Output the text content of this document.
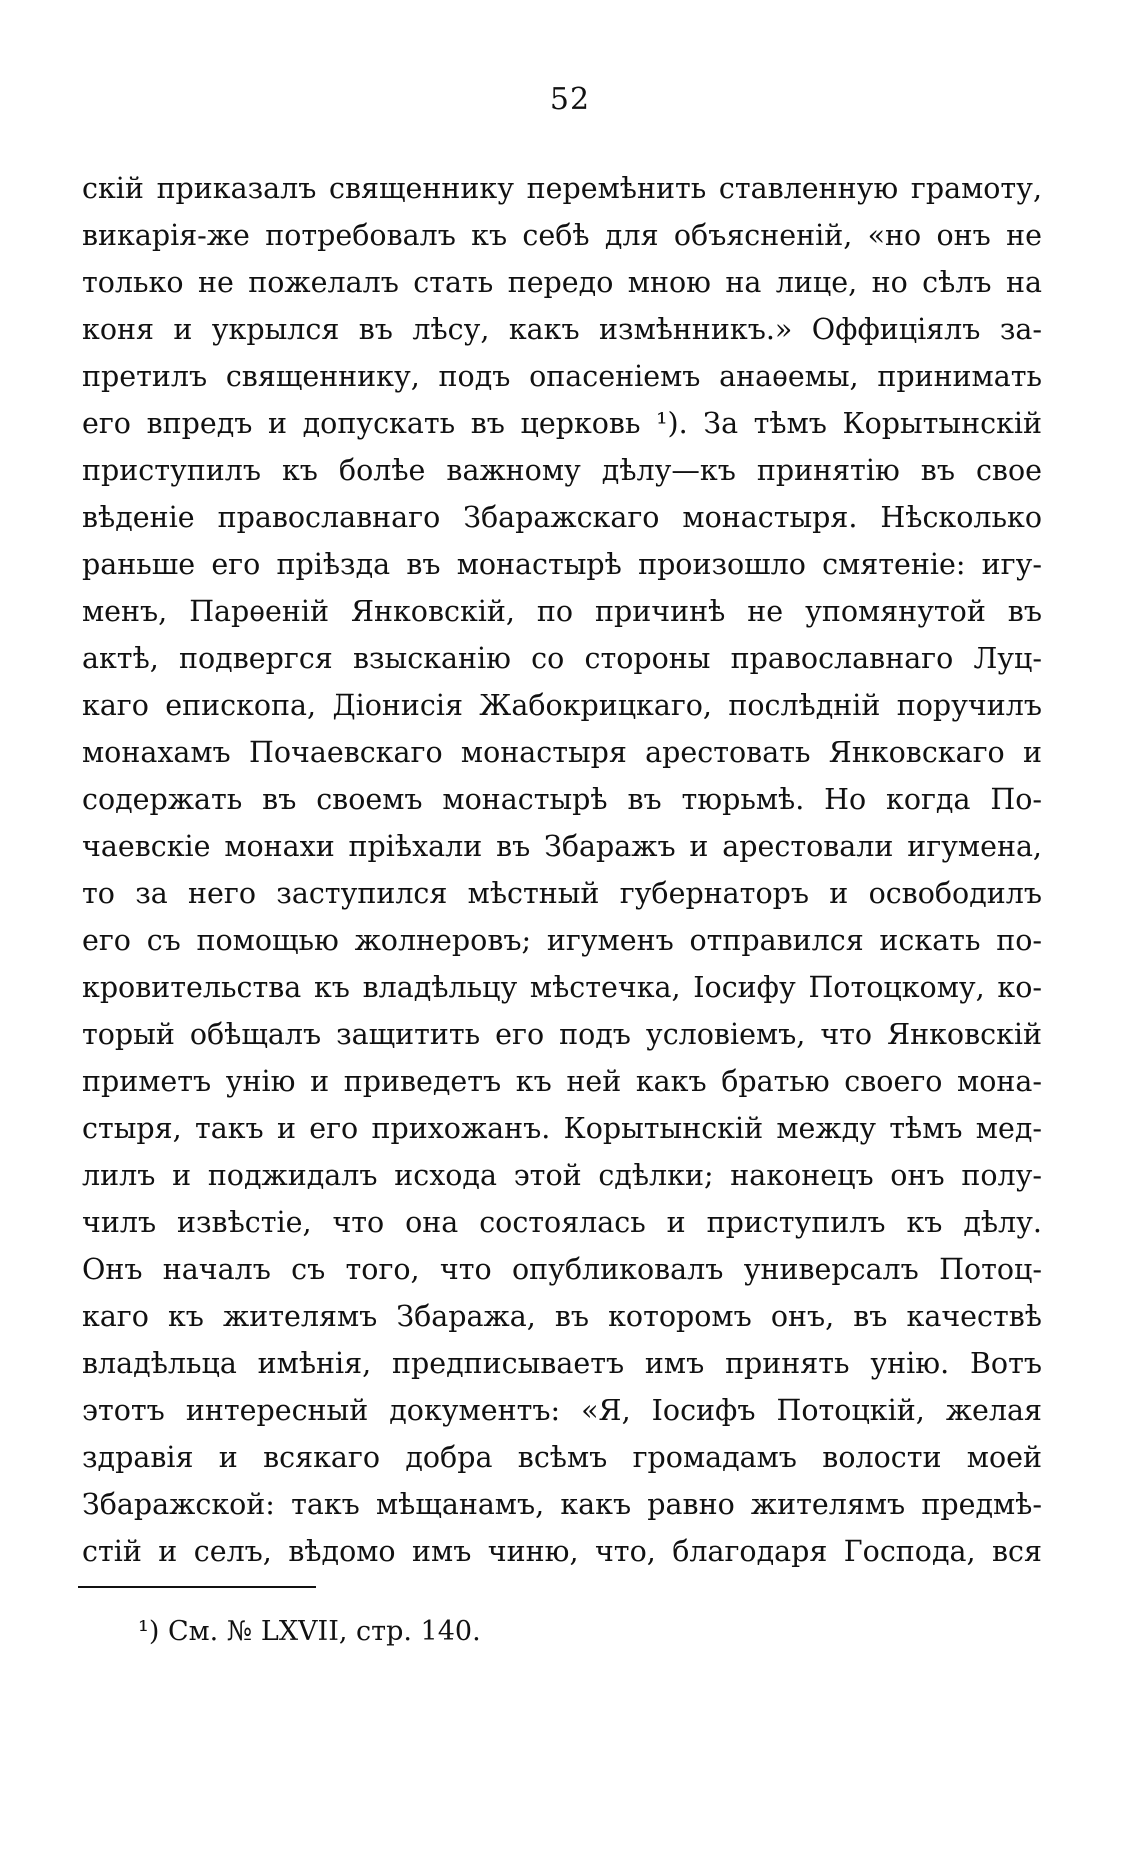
52
скій приказалъ священнику перемѣнить ставленную грамоту,
викарія-же потребовалъ къ себѣ для объясненій, «но онъ не
только не пожелалъ стать передо мною на лице, но сѣлъ на
коня и укрылся въ лѣсу, какъ измѣнникъ.» Оффиціялъ за-
претилъ священнику, подъ опасеніемъ анаѳемы, принимать
его впредъ и допускать въ церковь ¹). За тѣмъ Корытынскій
приступилъ къ болѣе важному дѣлу—къ принятію въ свое
вѣденіе православнаго Збаражскаго монастыря. Нѣсколько
раньше его пріѣзда въ монастырѣ произошло смятеніе: игу-
менъ, Парѳеній Янковскій, по причинѣ не упомянутой въ
актѣ, подвергся взысканію со стороны православнаго Луц-
каго епископа, Діонисія Жабокрицкаго, послѣдній поручилъ
монахамъ Почаевскаго монастыря арестовать Янковскаго и
содержать въ своемъ монастырѣ въ тюрьмѣ. Но когда По-
чаевскіе монахи пріѣхали въ Збаражъ и арестовали игумена,
то за него заступился мѣстный губернаторъ и освободилъ
его съ помощью жолнеровъ; игуменъ отправился искать по-
кровительства къ владѣльцу мѣстечка, Іосифу Потоцкому, ко-
торый обѣщалъ защитить его подъ условіемъ, что Янковскій
приметъ унію и приведетъ къ ней какъ братью своего мона-
стыря, такъ и его прихожанъ. Корытынскій между тѣмъ мед-
лилъ и поджидалъ исхода этой сдѣлки; наконецъ онъ полу-
чилъ извѣстіе, что она состоялась и приступилъ къ дѣлу.
Онъ началъ съ того, что опубликовалъ универсалъ Потоц-
каго къ жителямъ Збаража, въ которомъ онъ, въ качествѣ
владѣльца имѣнія, предписываетъ имъ принять унію. Вотъ
этотъ интересный документъ: «Я, Іосифъ Потоцкій, желая
здравія и всякаго добра всѣмъ громадамъ волости моей
Збаражской: такъ мѣщанамъ, какъ равно жителямъ предмѣ-
стій и селъ, вѣдомо имъ чиню, что, благодаря Господа, вся
¹) См. № LXVII, стр. 140.
